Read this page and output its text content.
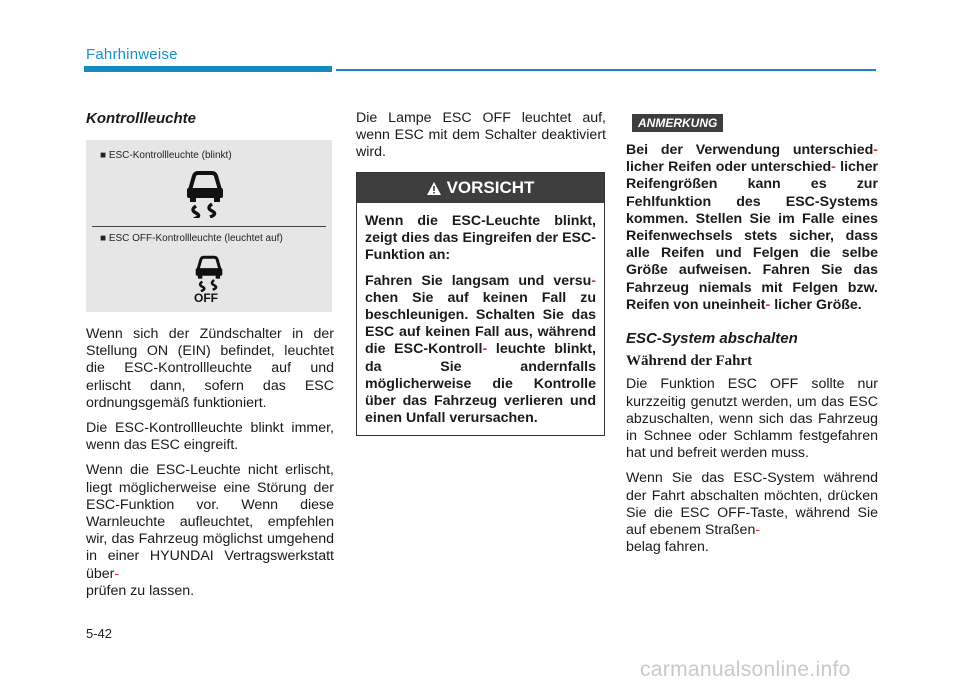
Fahrhinweise
Kontrollleuchte
■ ESC-Kontrollleuchte (blinkt)
■ ESC OFF-Kontrollleuchte (leuchtet auf)
OFF

Wenn sich der Zündschalter in der Stellung ON (EIN) befindet, leuchtet die ESC-Kontrollleuchte auf und erlischt dann, sofern das ESC ordnungsgemäß funktioniert.

Die ESC-Kontrollleuchte blinkt immer, wenn das ESC eingreift.

Wenn die ESC-Leuchte nicht erlischt, liegt möglicherweise eine Störung der ESC-Funktion vor. Wenn diese Warnleuchte aufleuchtet, empfehlen wir, das Fahrzeug möglichst umgehend in einer HYUNDAI Vertragswerkstatt über-
prüfen zu lassen.

Die Lampe ESC OFF leuchtet auf, wenn ESC mit dem Schalter deaktiviert wird.

VORSICHT

Wenn die ESC-Leuchte blinkt, zeigt dies das Eingreifen der ESC-Funktion an:

Fahren Sie langsam und versu- chen Sie auf keinen Fall zu beschleunigen. Schalten Sie das ESC auf keinen Fall aus, während die ESC-Kontroll- leuchte blinkt, da Sie andernfalls möglicherweise die Kontrolle über das Fahrzeug verlieren und einen Unfall verursachen.

ANMERKUNG

Bei der Verwendung unterschied- licher Reifen oder unterschied- licher Reifengrößen kann es zur Fehlfunktion des ESC-Systems kommen. Stellen Sie im Falle eines Reifenwechsels stets sicher, dass alle Reifen und Felgen die selbe Größe aufweisen. Fahren Sie das Fahrzeug niemals mit Felgen bzw. Reifen von uneinheit- licher Größe.

ESC-System abschalten
Während der Fahrt

Die Funktion ESC OFF sollte nur kurzzeitig genutzt werden, um das ESC abzuschalten, wenn sich das Fahrzeug in Schnee oder Schlamm festgefahren hat und befreit werden muss.

Wenn Sie das ESC-System während der Fahrt abschalten möchten, drücken Sie die ESC OFF-Taste, während Sie auf ebenem Straßen-
belag fahren.

5-42
carmanualsonline.info
